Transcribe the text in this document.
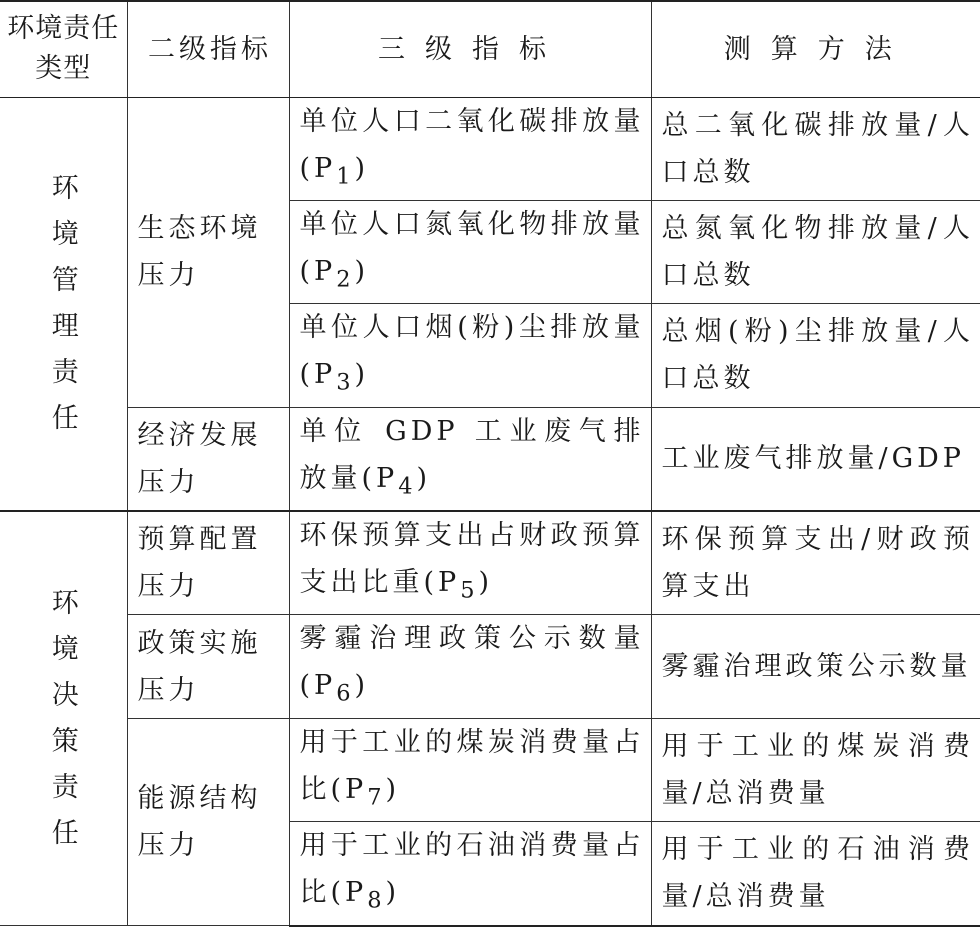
环境责任类型	二级指标	三级指标	测算方法
环境管理责任	生态环境压力	单位人口二氧化碳排放量$(P_1)$	总二氧化碳排放量/人口总数
		单位人口氮氧化物排放量$(P_2)$	总氮氧化物排放量/人口总数
		单位人口烟(粉)尘排放量$(P_3)$	总烟(粉)尘排放量/人口总数
	经济发展压力	单位 GDP 工业废气排放量$(P_4)$	工业废气排放量/GDP
环境决策责任	预算配置压力	环保预算支出占财政预算支出比重$(P_5)$	环保预算支出/财政预算支出
	政策实施压力	雾霾治理政策公示数量$(P_6)$	雾霾治理政策公示数量
	能源结构压力	用于工业的煤炭消费量占比$(P_7)$	用于工业的煤炭消费量/总消费量
		用于工业的石油消费量占比$(P_8)$	用于工业的石油消费量/总消费量
